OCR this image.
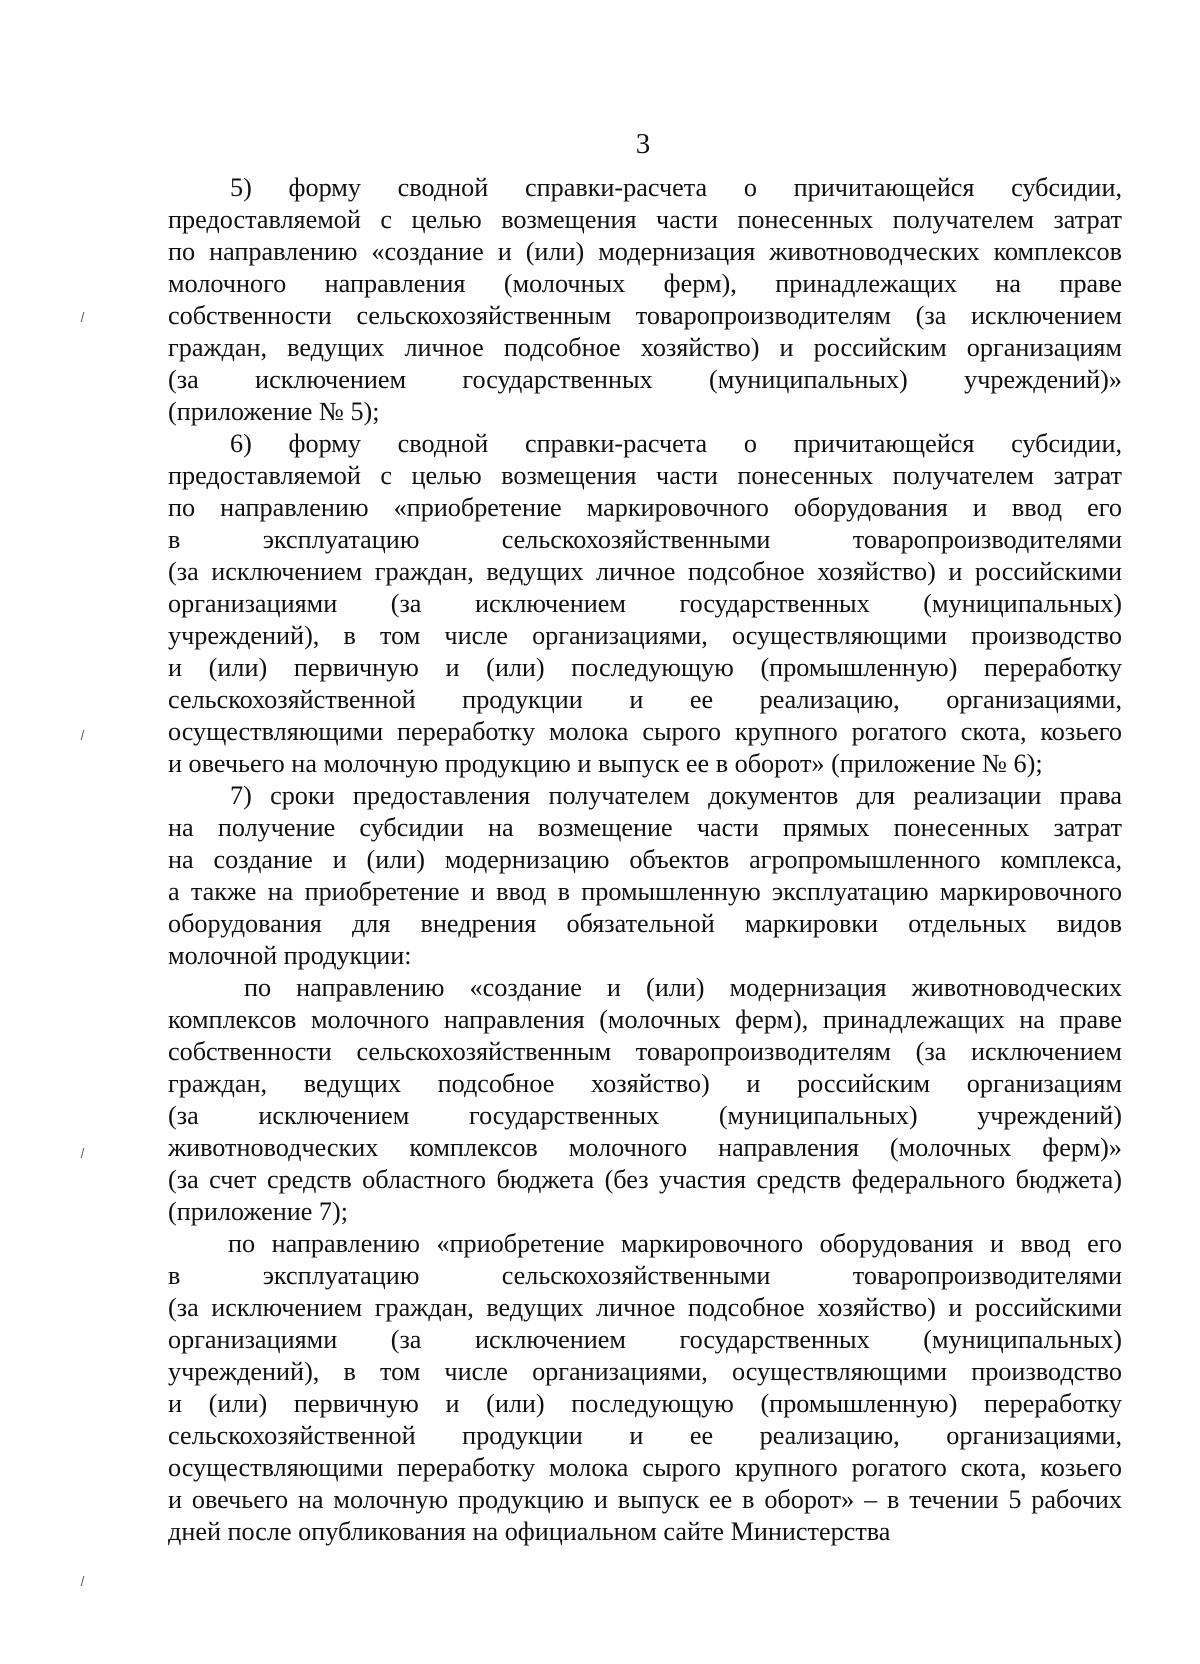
3
5) форму сводной справки-расчета о причитающейся субсидии,
предоставляемой с целью возмещения части понесенных получателем затрат
по направлению «создание и (или) модернизация животноводческих комплексов
молочного направления (молочных ферм), принадлежащих на праве
собственности сельскохозяйственным товаропроизводителям (за исключением
граждан, ведущих личное подсобное хозяйство) и российским организациям
(за исключением государственных (муниципальных) учреждений)»
(приложение № 5);
6) форму сводной справки-расчета о причитающейся субсидии,
предоставляемой с целью возмещения части понесенных получателем затрат
по направлению «приобретение маркировочного оборудования и ввод его
в эксплуатацию сельскохозяйственными товаропроизводителями
(за исключением граждан, ведущих личное подсобное хозяйство) и российскими
организациями (за исключением государственных (муниципальных)
учреждений), в том числе организациями, осуществляющими производство
и (или) первичную и (или) последующую (промышленную) переработку
сельскохозяйственной продукции и ее реализацию, организациями,
осуществляющими переработку молока сырого крупного рогатого скота, козьего
и овечьего на молочную продукцию и выпуск ее в оборот» (приложение № 6);
7) сроки предоставления получателем документов для реализации права
на получение субсидии на возмещение части прямых понесенных затрат
на создание и (или) модернизацию объектов агропромышленного комплекса,
а также на приобретение и ввод в промышленную эксплуатацию маркировочного
оборудования для внедрения обязательной маркировки отдельных видов
молочной продукции:
по направлению «создание и (или) модернизация животноводческих
комплексов молочного направления (молочных ферм), принадлежащих на праве
собственности сельскохозяйственным товаропроизводителям (за исключением
граждан, ведущих подсобное хозяйство) и российским организациям
(за исключением государственных (муниципальных) учреждений)
животноводческих комплексов молочного направления (молочных ферм)»
(за счет средств областного бюджета (без участия средств федерального бюджета)
(приложение 7);
по направлению «приобретение маркировочного оборудования и ввод его
в эксплуатацию сельскохозяйственными товаропроизводителями
(за исключением граждан, ведущих личное подсобное хозяйство) и российскими
организациями (за исключением государственных (муниципальных)
учреждений), в том числе организациями, осуществляющими производство
и (или) первичную и (или) последующую (промышленную) переработку
сельскохозяйственной продукции и ее реализацию, организациями,
осуществляющими переработку молока сырого крупного рогатого скота, козьего
и овечьего на молочную продукцию и выпуск ее в оборот» – в течении 5 рабочих
дней после опубликования на официальном сайте Министерства
